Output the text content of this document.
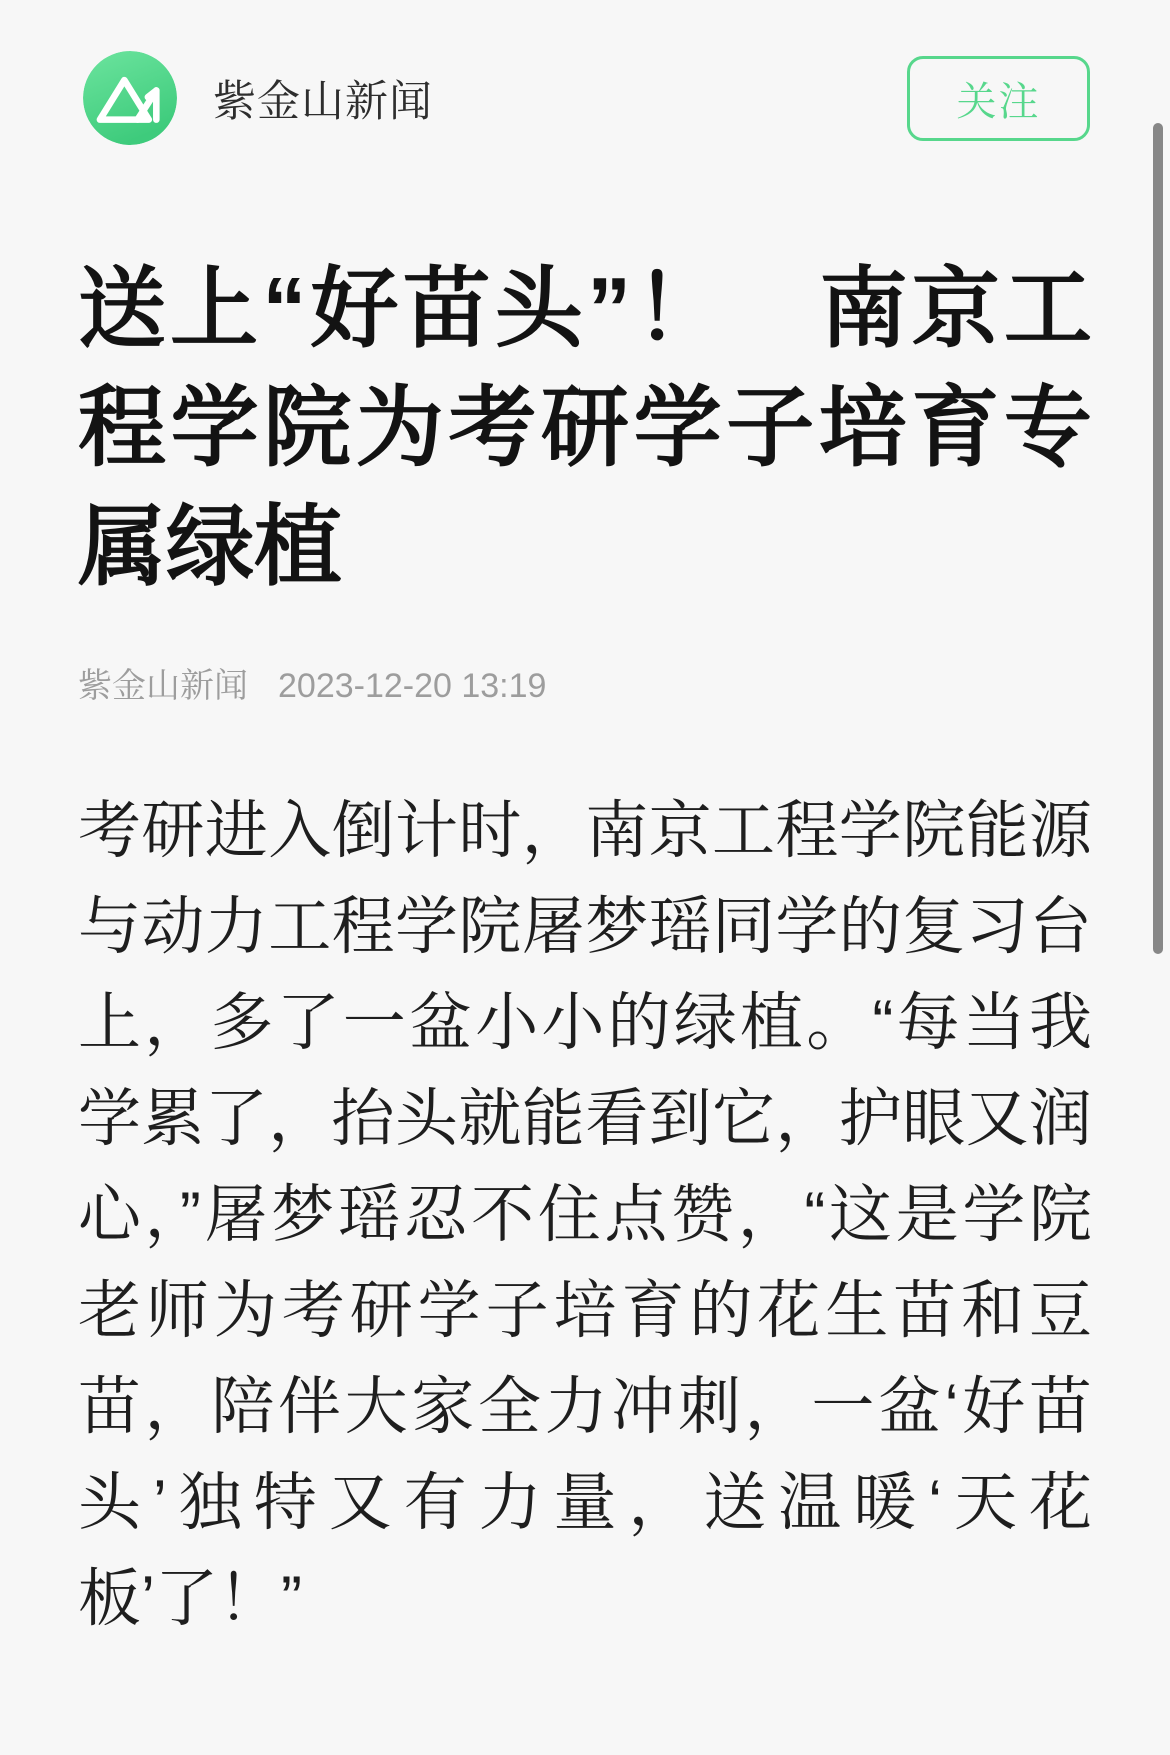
紫金山新闻	关注
送上“好苗头”！　南京工程学院为考研学子培育专属绿植
紫金山新闻 2023-12-20 13:19

考研进入倒计时，南京工程学院能源与动力工程学院屠梦瑶同学的复习台上，多了一盆小小的绿植。“每当我学累了，抬头就能看到它，护眼又润心，”屠梦瑶忍不住点赞，“这是学院老师为考研学子培育的花生苗和豆苗，陪伴大家全力冲刺，一盆‘好苗头’独特又有力量，送温暖‘天花板’了！”
